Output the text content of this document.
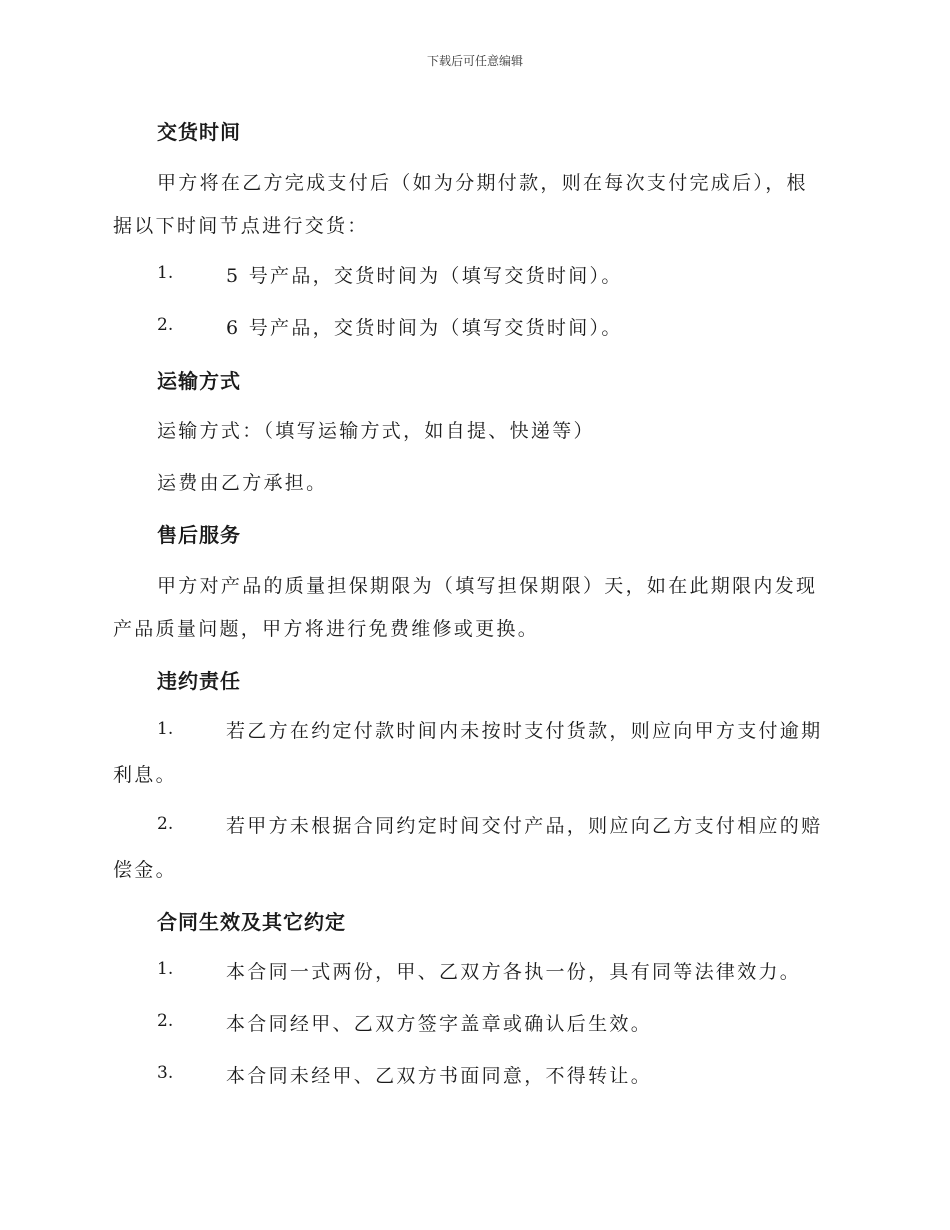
下载后可任意编辑
交货时间
甲方将在乙方完成支付后（如为分期付款，则在每次支付完成后），根
据以下时间节点进行交货：
1.	5 号产品，交货时间为（填写交货时间）。
2.	6 号产品，交货时间为（填写交货时间）。
运输方式
运输方式：（填写运输方式，如自提、快递等）
运费由乙方承担。
售后服务
甲方对产品的质量担保期限为（填写担保期限）天，如在此期限内发现
产品质量问题，甲方将进行免费维修或更换。
违约责任
1.	若乙方在约定付款时间内未按时支付货款，则应向甲方支付逾期
利息。
2.	若甲方未根据合同约定时间交付产品，则应向乙方支付相应的赔
偿金。
合同生效及其它约定
1.	本合同一式两份，甲、乙双方各执一份，具有同等法律效力。
2.	本合同经甲、乙双方签字盖章或确认后生效。
3.	本合同未经甲、乙双方书面同意，不得转让。
